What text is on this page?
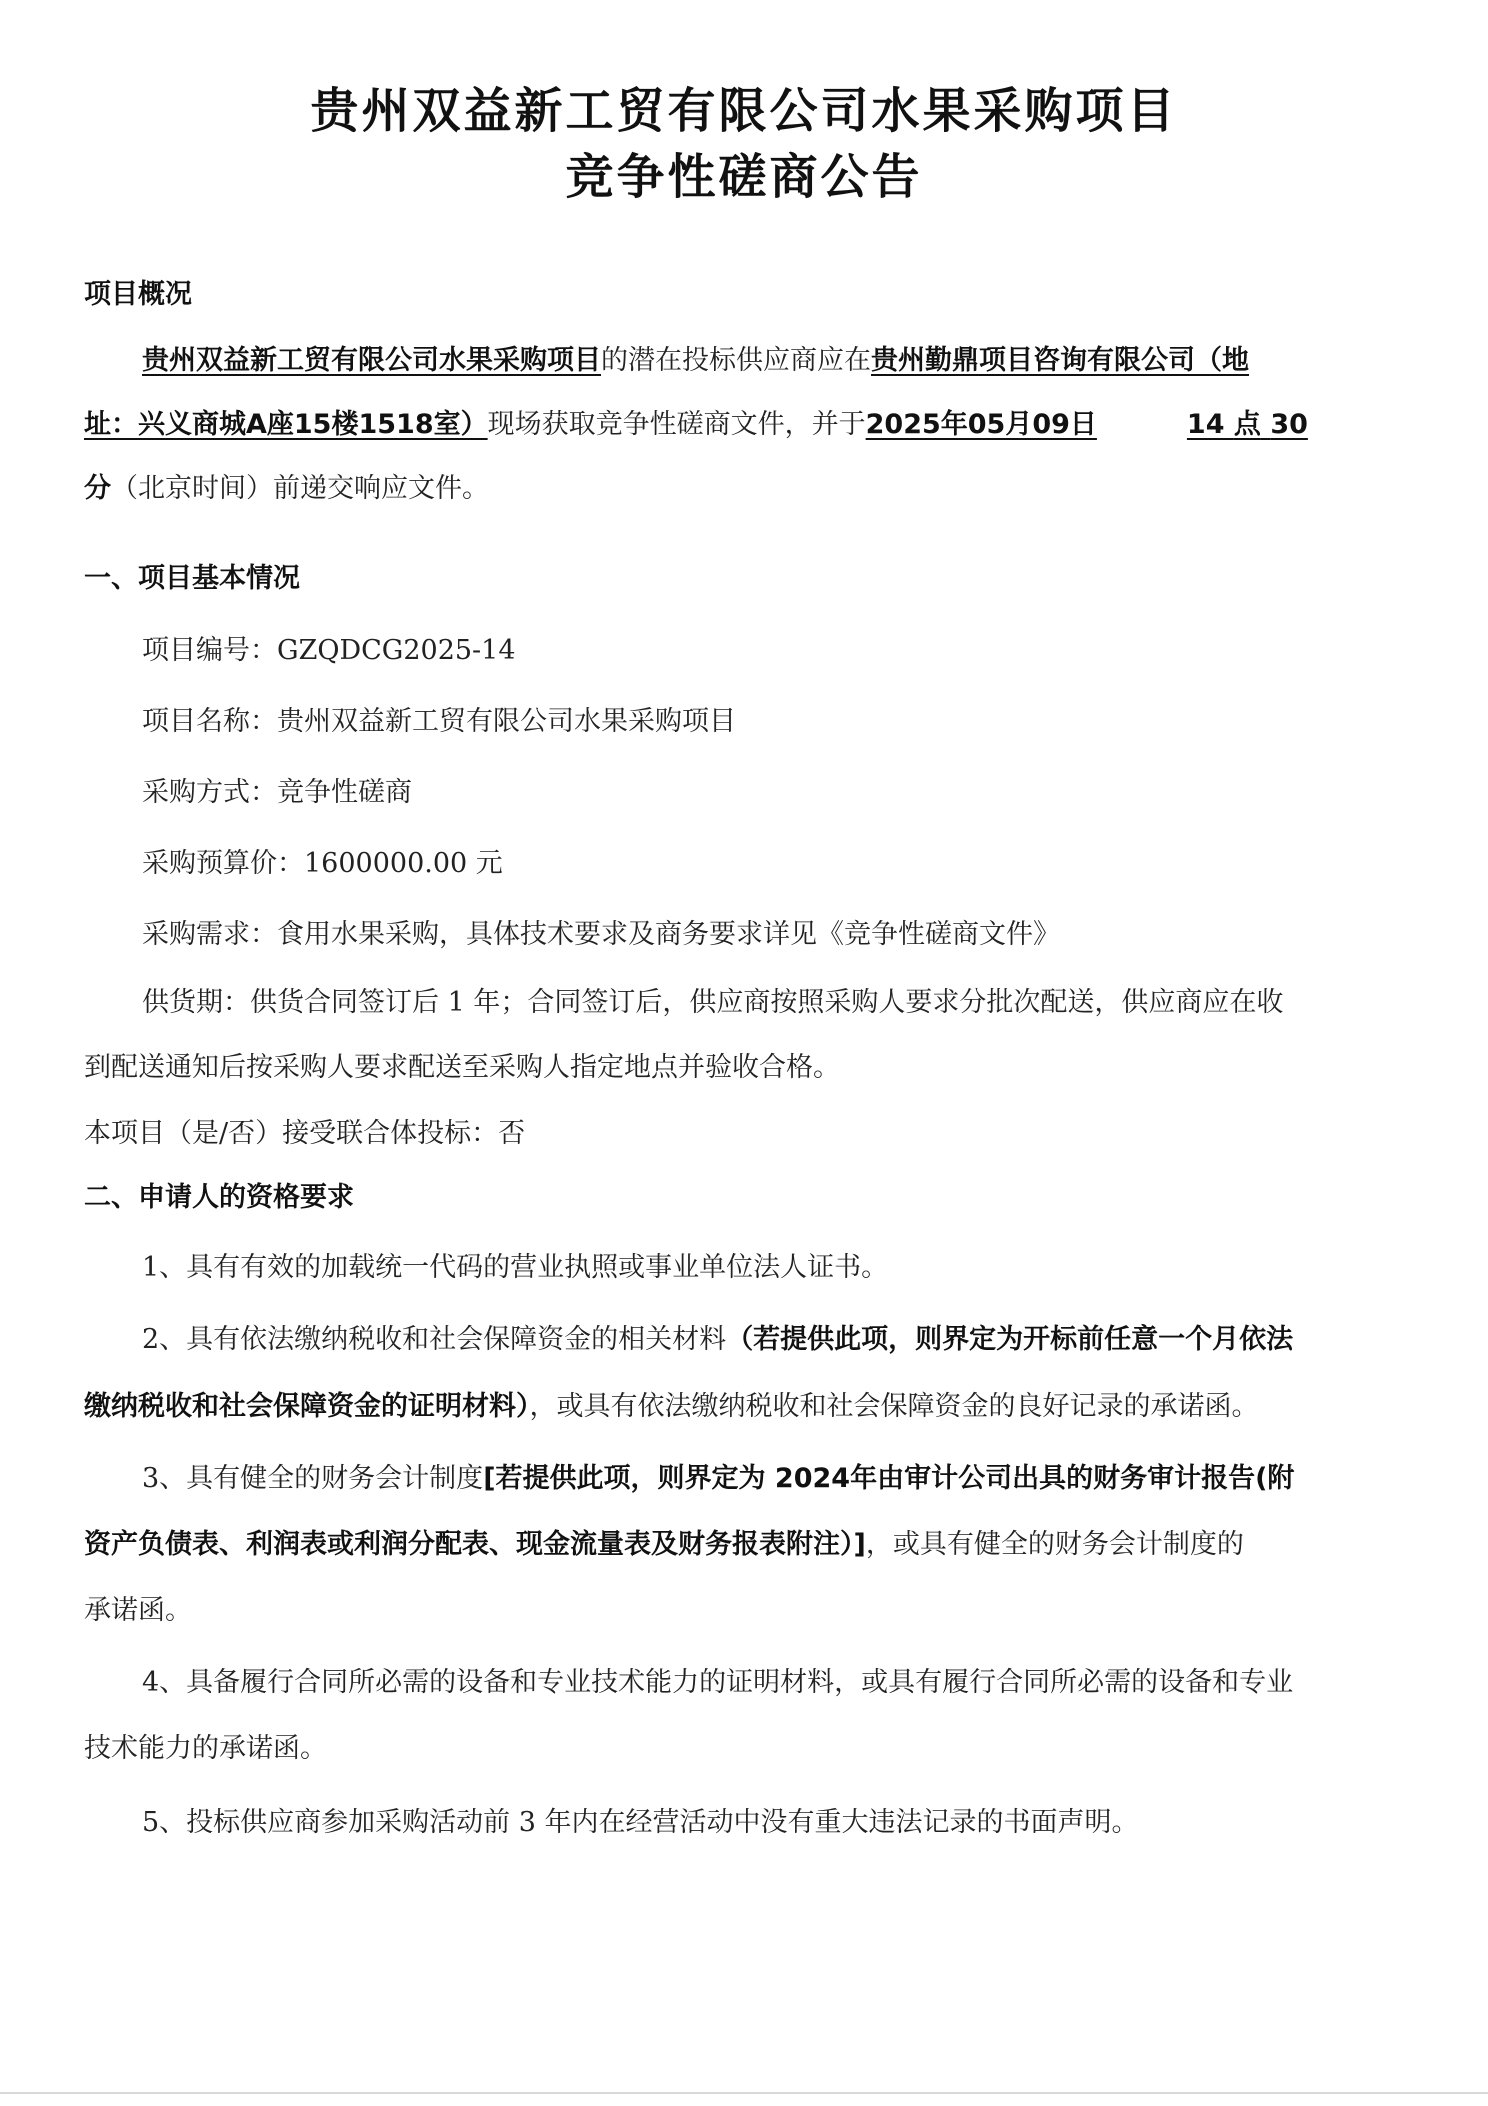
贵州双益新工贸有限公司水果采购项目
竞争性磋商公告
项目概况
贵州双益新工贸有限公司水果采购项目的潜在投标供应商应在贵州勤鼎项目咨询有限公司（地
址：兴义商城A座15楼1518室）现场获取竞争性磋商文件，并于2025年05月09日	14 点 30
分（北京时间）前递交响应文件。
一、项目基本情况
项目编号：GZQDCG2025-14
项目名称：贵州双益新工贸有限公司水果采购项目
采购方式：竞争性磋商
采购预算价：1600000.00 元
采购需求：食用水果采购，具体技术要求及商务要求详见《竞争性磋商文件》
供货期：供货合同签订后 1 年；合同签订后，供应商按照采购人要求分批次配送，供应商应在收
到配送通知后按采购人要求配送至采购人指定地点并验收合格。
本项目（是/否）接受联合体投标：否
二、申请人的资格要求
1、具有有效的加载统一代码的营业执照或事业单位法人证书。
2、具有依法缴纳税收和社会保障资金的相关材料（若提供此项，则界定为开标前任意一个月依法
缴纳税收和社会保障资金的证明材料），或具有依法缴纳税收和社会保障资金的良好记录的承诺函。
3、具有健全的财务会计制度[若提供此项，则界定为 2024年由审计公司出具的财务审计报告(附
资产负债表、利润表或利润分配表、现金流量表及财务报表附注）]，或具有健全的财务会计制度的
承诺函。
4、具备履行合同所必需的设备和专业技术能力的证明材料，或具有履行合同所必需的设备和专业
技术能力的承诺函。
5、投标供应商参加采购活动前 3 年内在经营活动中没有重大违法记录的书面声明。
